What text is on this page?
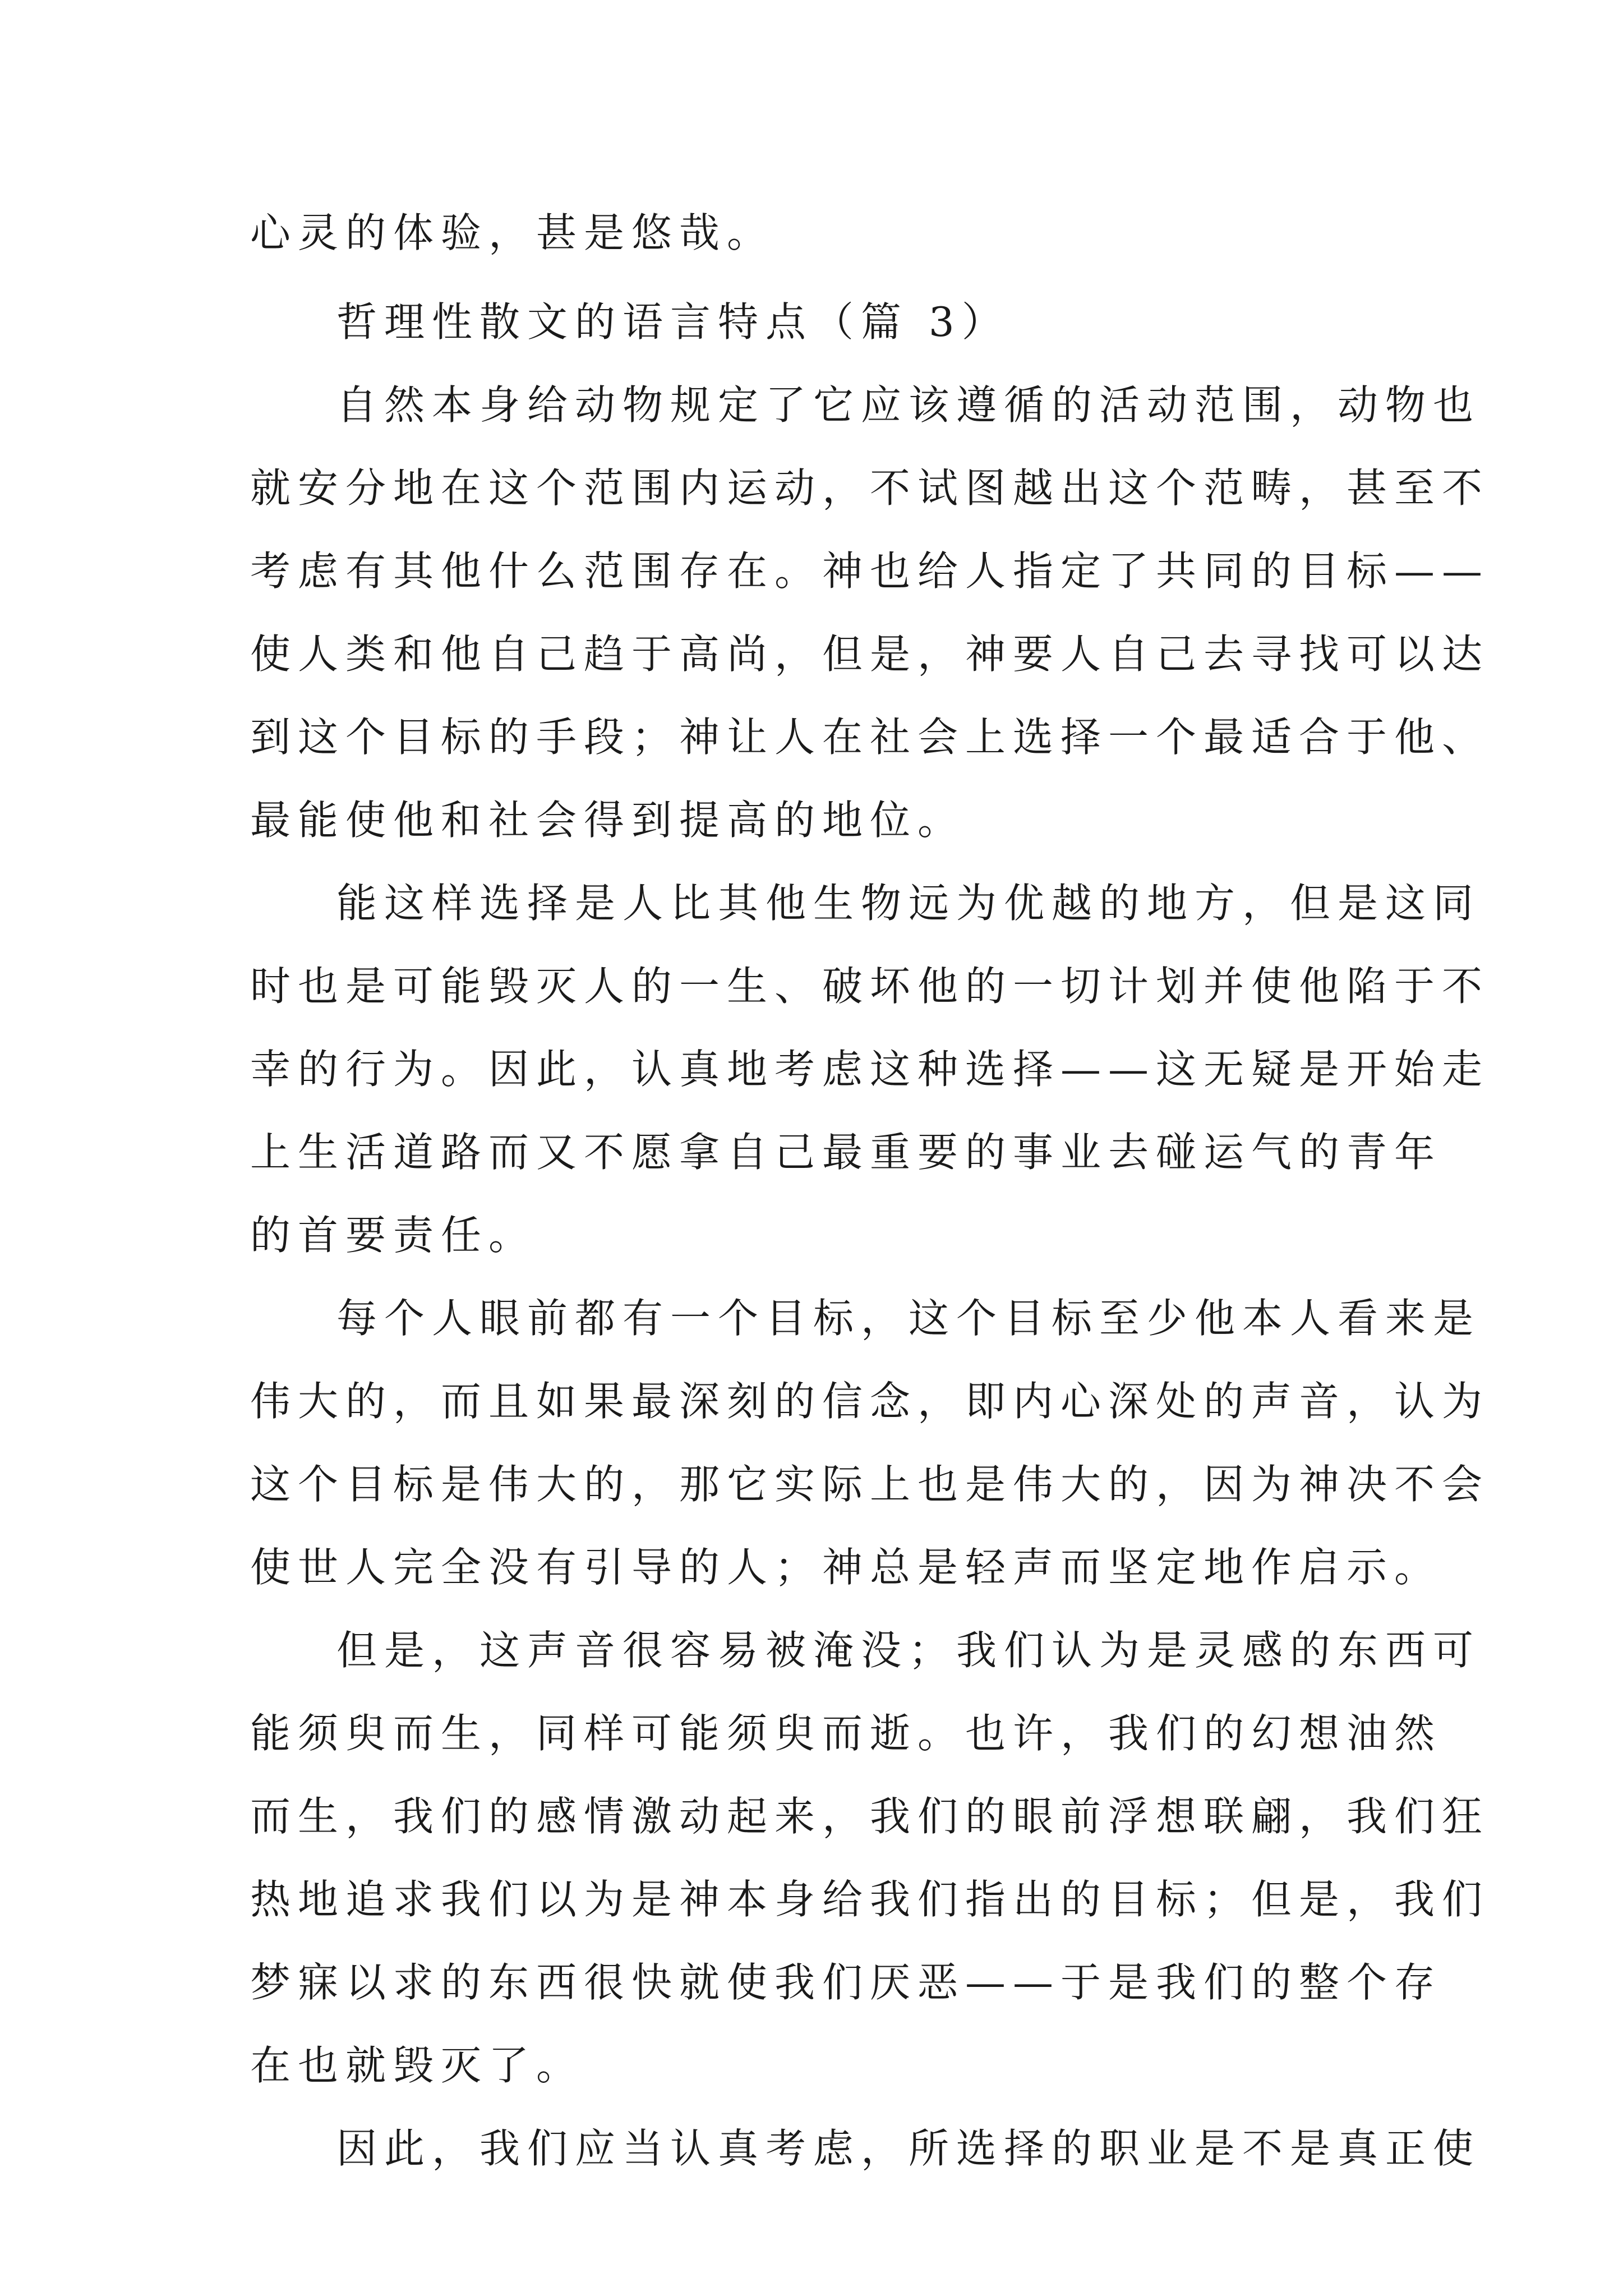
心灵的体验，甚是悠哉。
哲理性散文的语言特点（篇 3）
自然本身给动物规定了它应该遵循的活动范围，动物也
就安分地在这个范围内运动，不试图越出这个范畴，甚至不
考虑有其他什么范围存在。神也给人指定了共同的目标——
使人类和他自己趋于高尚，但是，神要人自己去寻找可以达
到这个目标的手段；神让人在社会上选择一个最适合于他、
最能使他和社会得到提高的地位。
能这样选择是人比其他生物远为优越的地方，但是这同
时也是可能毁灭人的一生、破坏他的一切计划并使他陷于不
幸的行为。因此，认真地考虑这种选择——这无疑是开始走
上生活道路而又不愿拿自己最重要的事业去碰运气的青年
的首要责任。
每个人眼前都有一个目标，这个目标至少他本人看来是
伟大的，而且如果最深刻的信念，即内心深处的声音，认为
这个目标是伟大的，那它实际上也是伟大的，因为神决不会
使世人完全没有引导的人；神总是轻声而坚定地作启示。
但是，这声音很容易被淹没；我们认为是灵感的东西可
能须臾而生，同样可能须臾而逝。也许，我们的幻想油然
而生，我们的感情激动起来，我们的眼前浮想联翩，我们狂
热地追求我们以为是神本身给我们指出的目标；但是，我们
梦寐以求的东西很快就使我们厌恶——于是我们的整个存
在也就毁灭了。
因此，我们应当认真考虑，所选择的职业是不是真正使
